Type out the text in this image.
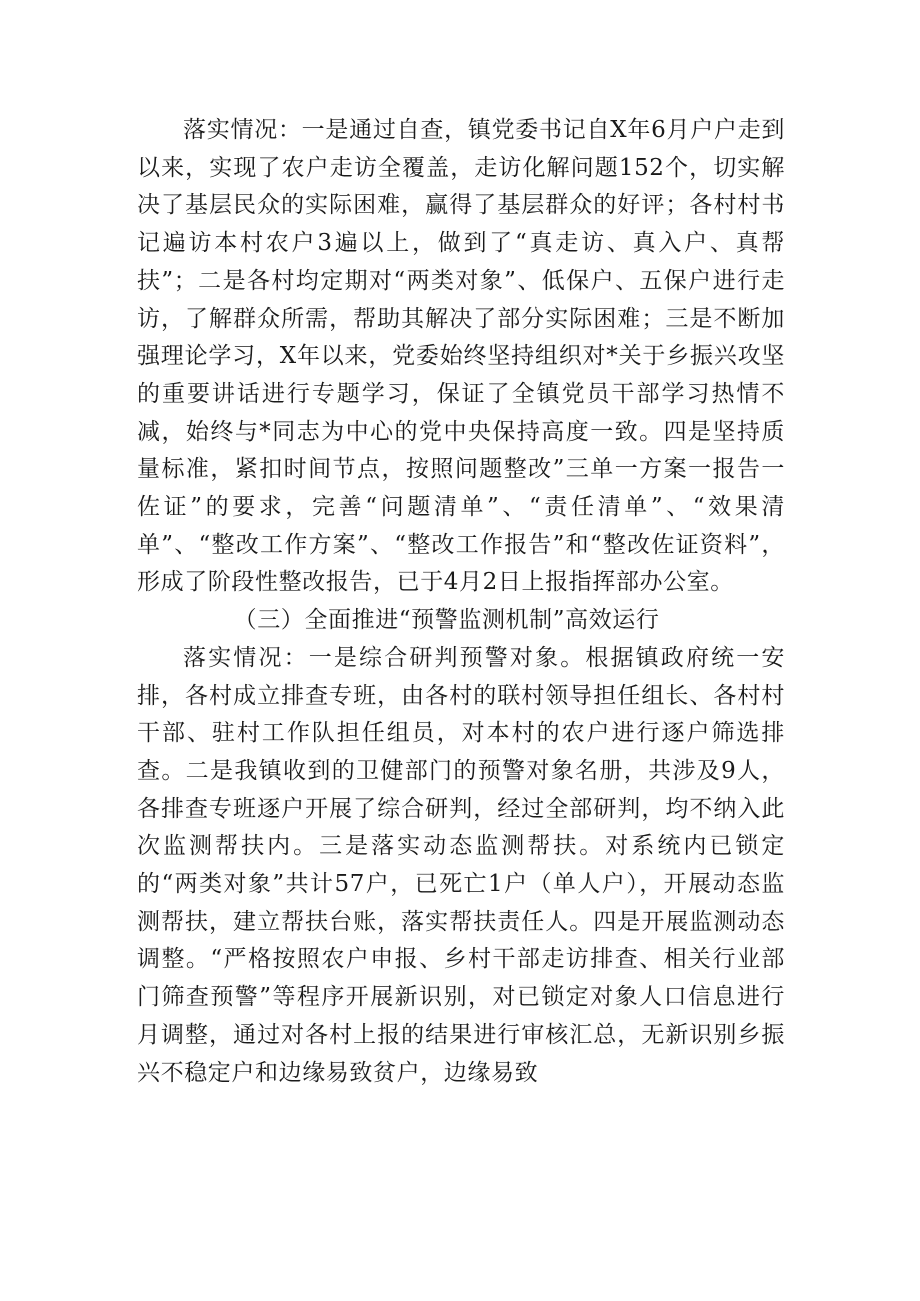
落实情况：一是通过自查，镇党委书记自X年6月户户走到以来，实现了农户走访全覆盖，走访化解问题152个，切实解决了基层民众的实际困难，赢得了基层群众的好评；各村村书记遍访本村农户3遍以上，做到了“真走访、真入户、真帮扶”；二是各村均定期对“两类对象”、低保户、五保户进行走访，了解群众所需，帮助其解决了部分实际困难；三是不断加强理论学习，X年以来，党委始终坚持组织对*关于乡振兴攻坚的重要讲话进行专题学习，保证了全镇党员干部学习热情不减，始终与*同志为中心的党中央保持高度一致。四是坚持质量标准，紧扣时间节点，按照问题整改”三单一方案一报告一佐证”的要求，完善“问题清单”、“责任清单”、“效果清单”、“整改工作方案”、“整改工作报告”和“整改佐证资料”，形成了阶段性整改报告，已于4月2日上报指挥部办公室。

（三）全面推进“预警监测机制”高效运行

落实情况：一是综合研判预警对象。根据镇政府统一安排，各村成立排查专班，由各村的联村领导担任组长、各村村干部、驻村工作队担任组员，对本村的农户进行逐户筛选排查。二是我镇收到的卫健部门的预警对象名册，共涉及9人，各排查专班逐户开展了综合研判，经过全部研判，均不纳入此次监测帮扶内。三是落实动态监测帮扶。对系统内已锁定的“两类对象”共计57户，已死亡1户（单人户），开展动态监测帮扶，建立帮扶台账，落实帮扶责任人。四是开展监测动态调整。“严格按照农户申报、乡村干部走访排查、相关行业部门筛查预警”等程序开展新识别，对已锁定对象人口信息进行月调整，通过对各村上报的结果进行审核汇总，无新识别乡振兴不稳定户和边缘易致贫户，边缘易致
